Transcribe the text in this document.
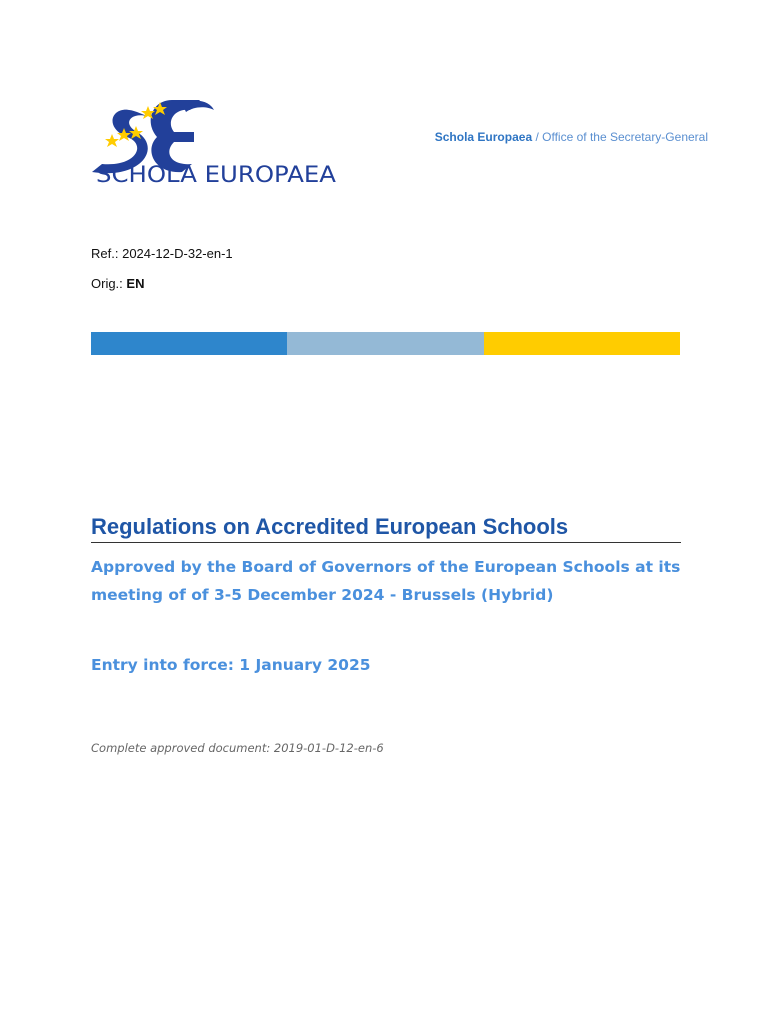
SCHOLA EUROPAEA
Schola Europaea / Office of the Secretary-General
Ref.: 2024-12-D-32-en-1
Orig.: EN
Regulations on Accredited European Schools
Approved by the Board of Governors of the European Schools at its
meeting of of 3-5 December 2024 - Brussels (Hybrid)
Entry into force: 1 January 2025
Complete approved document: 2019-01-D-12-en-6
